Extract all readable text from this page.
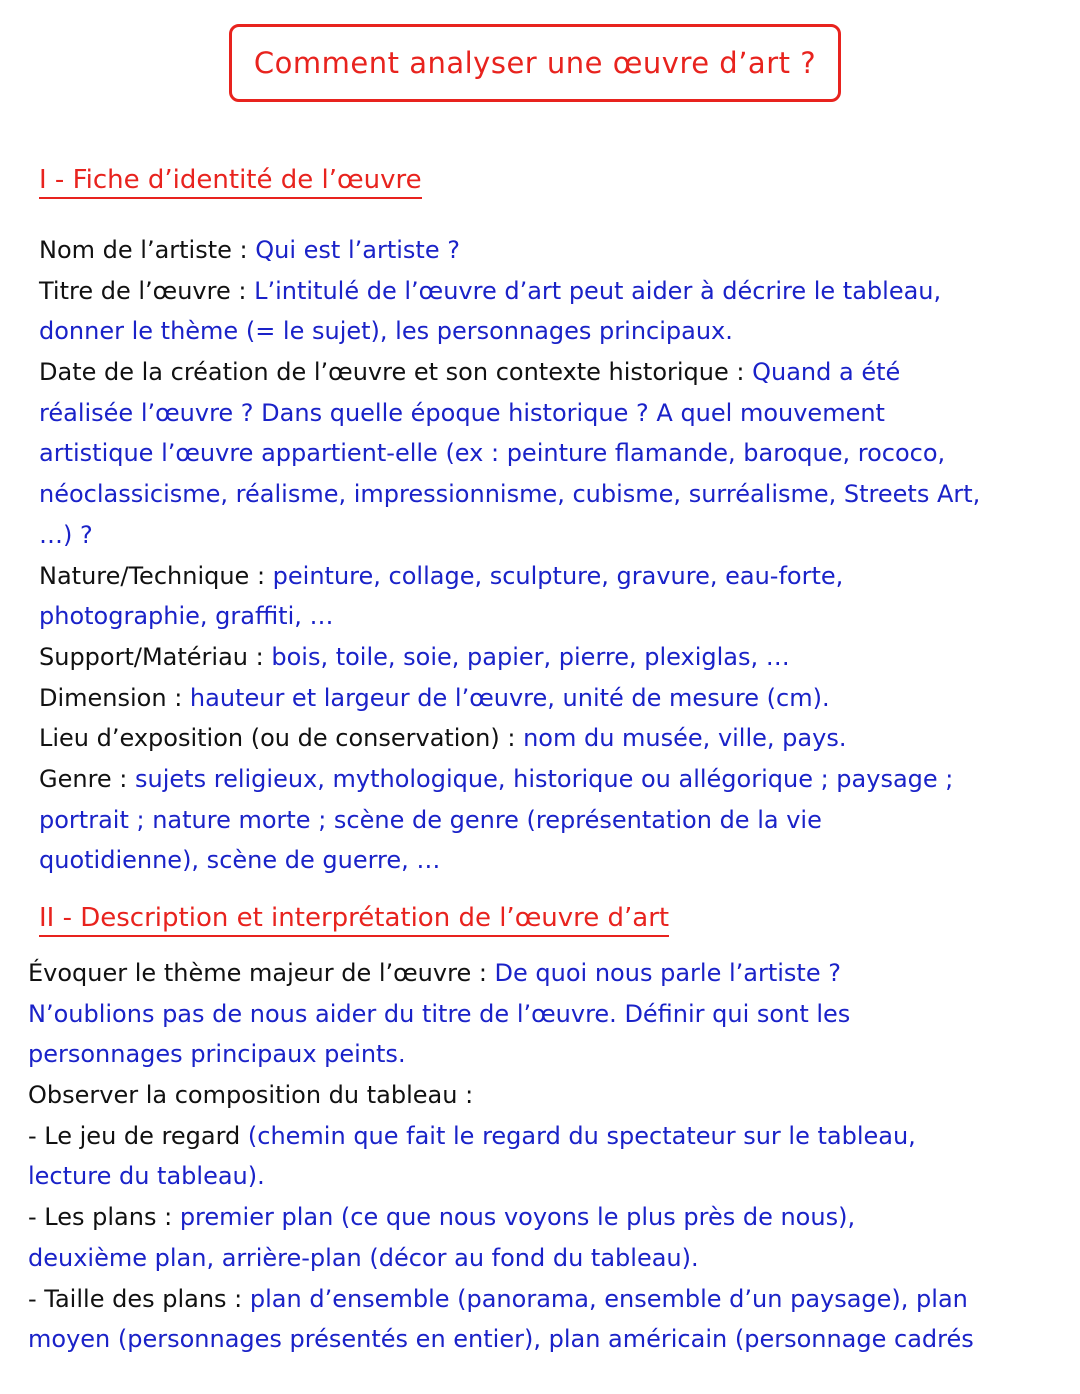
Comment analyser une œuvre d’art ?
I - Fiche d’identité de l’œuvre
Nom de l’artiste : Qui est l’artiste ?
Titre de l’œuvre : L’intitulé de l’œuvre d’art peut aider à décrire le tableau,
donner le thème (= le sujet), les personnages principaux.
Date de la création de l’œuvre et son contexte historique : Quand a été
réalisée l’œuvre ? Dans quelle époque historique ? A quel mouvement
artistique l’œuvre appartient-elle (ex : peinture flamande, baroque, rococo,
néoclassicisme, réalisme, impressionnisme, cubisme, surréalisme, Streets Art,
…) ?
Nature/Technique : peinture, collage, sculpture, gravure, eau-forte,
photographie, graffiti, …
Support/Matériau : bois, toile, soie, papier, pierre, plexiglas, …
Dimension : hauteur et largeur de l’œuvre, unité de mesure (cm).
Lieu d’exposition (ou de conservation) : nom du musée, ville, pays.
Genre : sujets religieux, mythologique, historique ou allégorique ; paysage ;
portrait ; nature morte ; scène de genre (représentation de la vie
quotidienne), scène de guerre, …
II - Description et interprétation de l’œuvre d’art
Évoquer le thème majeur de l’œuvre : De quoi nous parle l’artiste ?
N’oublions pas de nous aider du titre de l’œuvre. Définir qui sont les
personnages principaux peints.
Observer la composition du tableau :
- Le jeu de regard (chemin que fait le regard du spectateur sur le tableau,
lecture du tableau).
- Les plans : premier plan (ce que nous voyons le plus près de nous),
deuxième plan, arrière-plan (décor au fond du tableau).
- Taille des plans : plan d’ensemble (panorama, ensemble d’un paysage), plan
moyen (personnages présentés en entier), plan américain (personnage cadrés
